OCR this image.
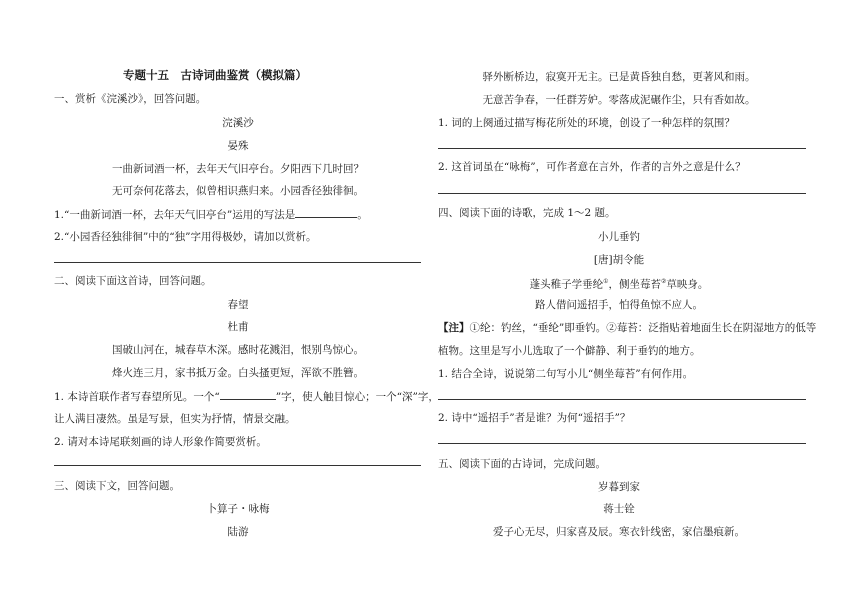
专题十五　古诗词曲鉴赏（模拟篇）
一、赏析《浣溪沙》，回答问题。
浣溪沙
晏殊
一曲新词酒一杯，去年天气旧亭台。夕阳西下几时回？
无可奈何花落去，似曾相识燕归来。小园香径独徘徊。
1.“一曲新词酒一杯，去年天气旧亭台”运用的写法是	。
2.“小园香径独徘徊”中的“独”字用得极妙，请加以赏析。
二、阅读下面这首诗，回答问题。
春望
杜甫
国破山河在，城春草木深。感时花溅泪，恨别鸟惊心。
烽火连三月，家书抵万金。白头搔更短，浑欲不胜簪。
1. 本诗首联作者写春望所见。一个“	”字，使人触目惊心；一个“深”字，
让人满目凄然。虽是写景，但实为抒情，情景交融。
2. 请对本诗尾联刻画的诗人形象作简要赏析。
三、阅读下文，回答问题。
卜算子・咏梅
陆游
驿外断桥边，寂寞开无主。已是黄昏独自愁，更著风和雨。
无意苦争春，一任群芳妒。零落成泥碾作尘，只有香如故。
1. 词的上阕通过描写梅花所处的环境，创设了一种怎样的氛围？
2. 这首词虽在“咏梅”，可作者意在言外，作者的言外之意是什么？
四、阅读下面的诗歌，完成 1～2 题。
小儿垂钓
[唐]胡令能
蓬头稚子学垂纶①，侧坐莓苔②草映身。
路人借问遥招手，怕得鱼惊不应人。
【注】①纶：钓丝，“垂纶”即垂钓。②莓苔：泛指贴着地面生长在阴湿地方的低等
植物。这里是写小儿选取了一个僻静、利于垂钓的地方。
1. 结合全诗，说说第二句写小儿“侧坐莓苔”有何作用。
2. 诗中“遥招手”者是谁？为何“遥招手”？
五、阅读下面的古诗词，完成问题。
岁暮到家
蒋士铨
爱子心无尽，归家喜及辰。寒衣针线密，家信墨痕新。
